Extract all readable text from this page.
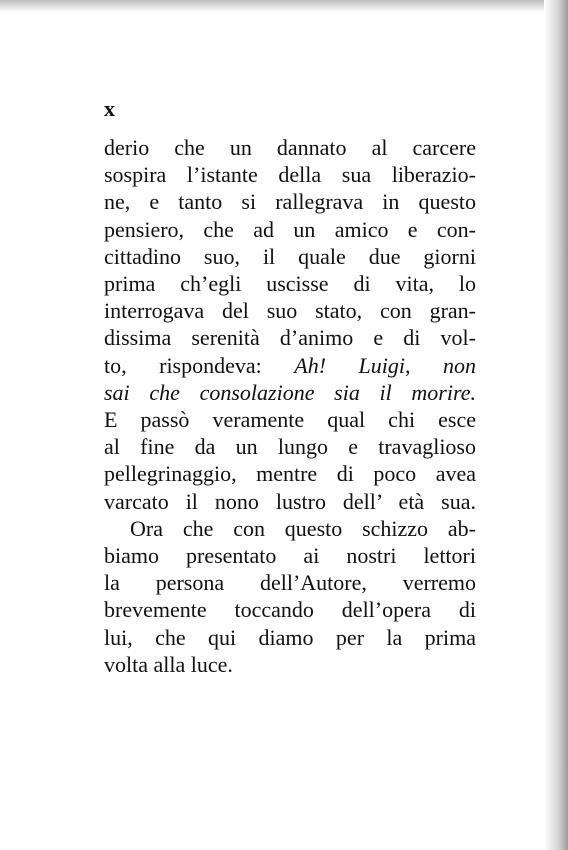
x
derio che un dannato al carcere
sospira l’istante della sua liberazio-
ne, e tanto si rallegrava in questo
pensiero, che ad un amico e con-
cittadino suo, il quale due giorni
prima ch’egli uscisse di vita, lo
interrogava del suo stato, con gran-
dissima serenità d’animo e di vol-
to, rispondeva: Ah! Luigi, non
sai che consolazione sia il morire.
E passò veramente qual chi esce
al fine da un lungo e travaglioso
pellegrinaggio, mentre di poco avea
varcato il nono lustro dell’ età sua.
Ora che con questo schizzo ab-
biamo presentato ai nostri lettori
la persona dell’Autore, verremo
brevemente toccando dell’opera di
lui, che qui diamo per la prima
volta alla luce.
